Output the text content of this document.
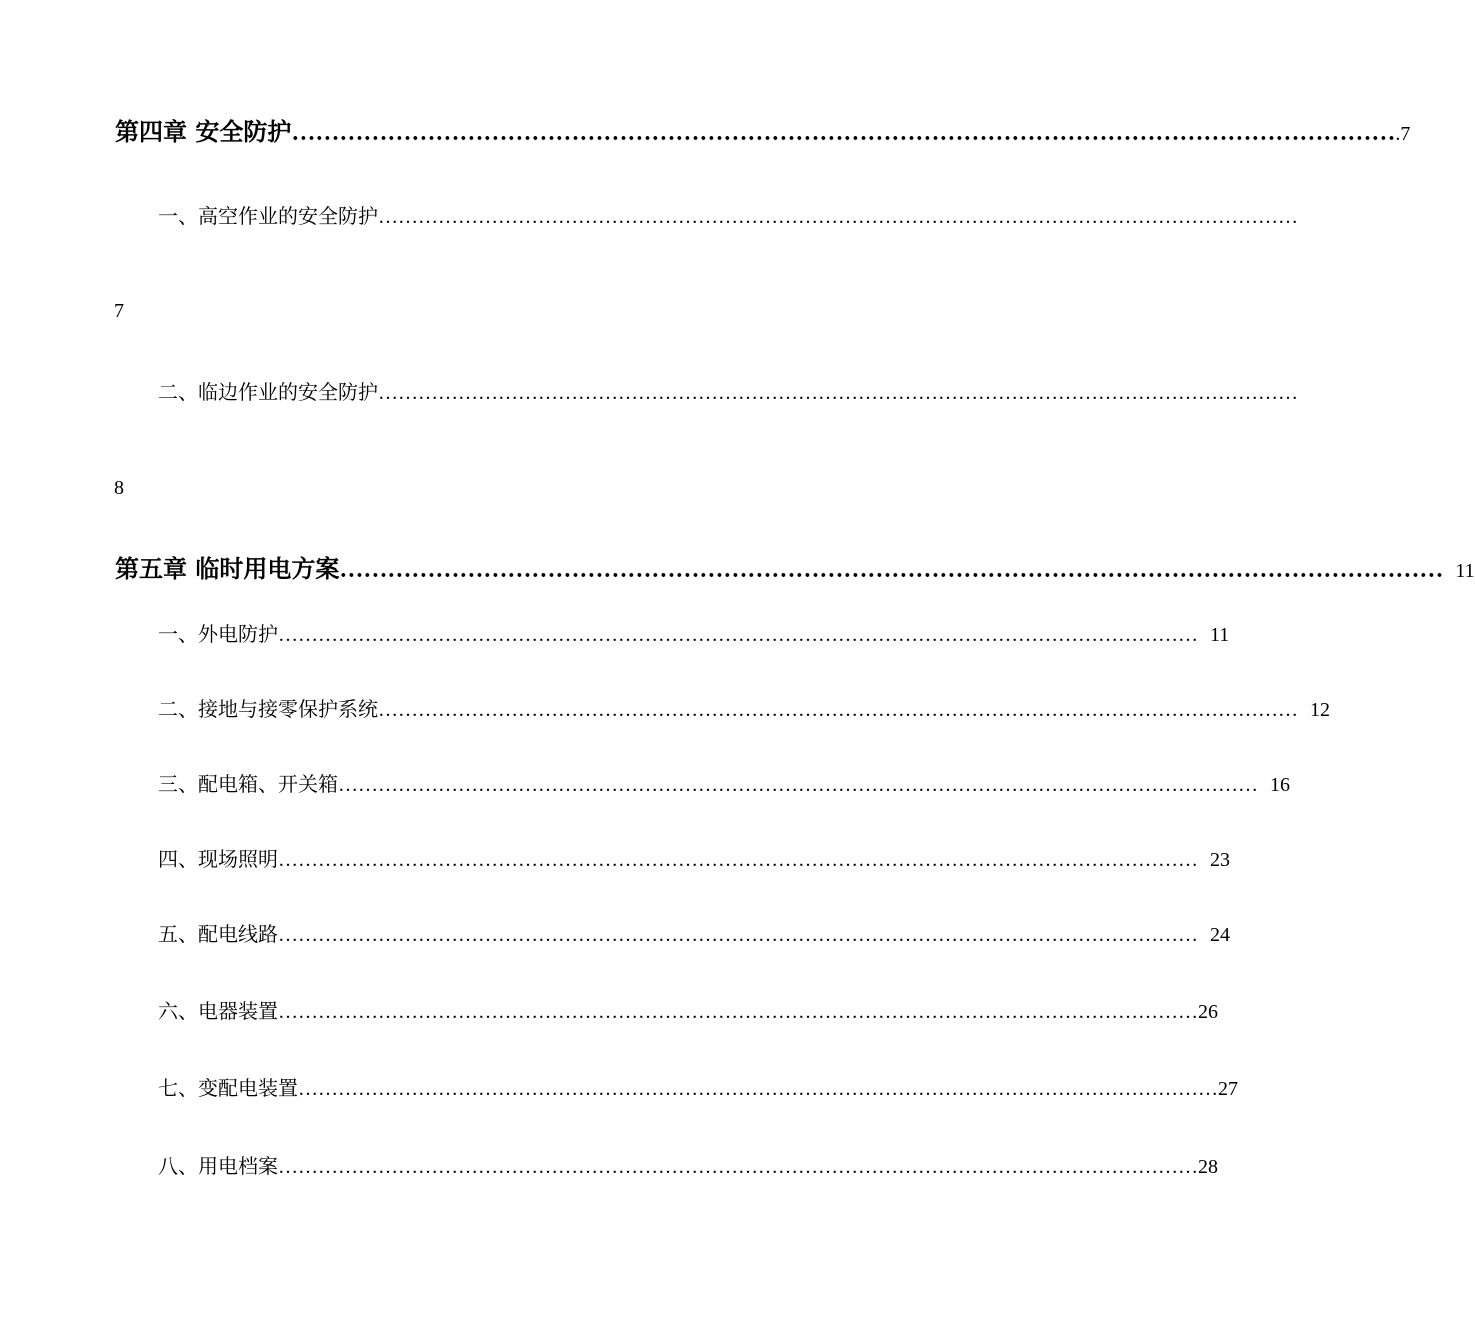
第四章 安全防护 ………………………………………………………………………………………………………………………… .7
一、高空作业的安全防护 …………………………………………………………………………………………………………………………
7
二、临边作业的安全防护 …………………………………………………………………………………………………………………………
8
第五章 临时用电方案 ………………………………………………………………………………………………………………………… 11
一、外电防护 ………………………………………………………………………………………………………………………… 11
二、接地与接零保护系统 ………………………………………………………………………………………………………………………… 12
三、配电箱、开关箱 ………………………………………………………………………………………………………………………… 16
四、现场照明 ………………………………………………………………………………………………………………………… 23
五、配电线路 ………………………………………………………………………………………………………………………… 24
六、电器装置 ………………………………………………………………………………………………………………………… 26
七、变配电装置 ………………………………………………………………………………………………………………………… 27
八、用电档案 ………………………………………………………………………………………………………………………… 28
